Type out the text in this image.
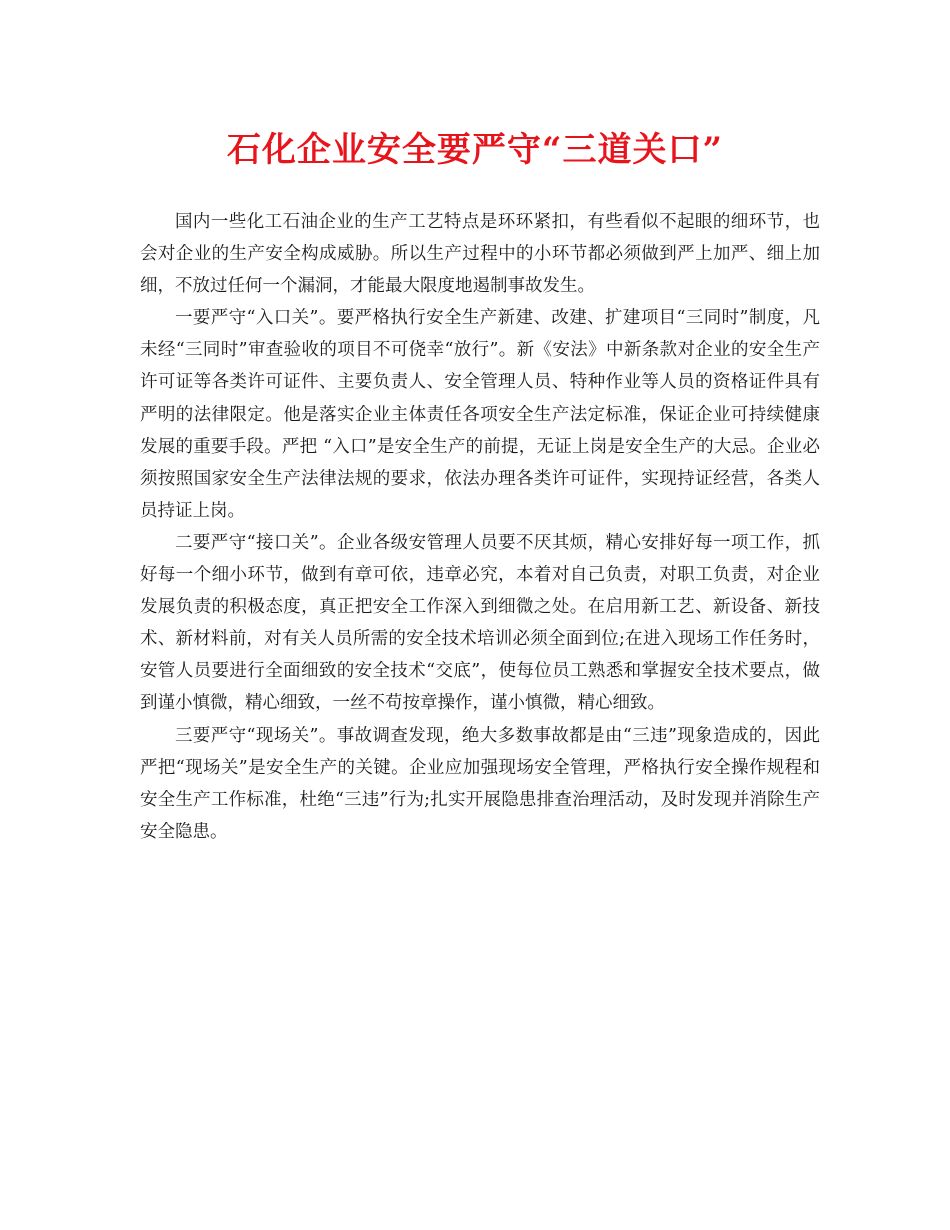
石化企业安全要严守“三道关口”

国内一些化工石油企业的生产工艺特点是环环紧扣，有些看似不起眼的细环节，也会对企业的生产安全构成威胁。所以生产过程中的小环节都必须做到严上加严、细上加细，不放过任何一个漏洞，才能最大限度地遏制事故发生。

一要严守“入口关”。要严格执行安全生产新建、改建、扩建项目“三同时”制度，凡未经“三同时”审查验收的项目不可侥幸“放行”。新《安法》中新条款对企业的安全生产许可证等各类许可证件、主要负责人、安全管理人员、特种作业等人员的资格证件具有严明的法律限定。他是落实企业主体责任各项安全生产法定标准，保证企业可持续健康发展的重要手段。严把 “入口”是安全生产的前提，无证上岗是安全生产的大忌。企业必须按照国家安全生产法律法规的要求，依法办理各类许可证件，实现持证经营，各类人员持证上岗。

二要严守“接口关”。企业各级安管理人员要不厌其烦，精心安排好每一项工作，抓好每一个细小环节，做到有章可依，违章必究，本着对自己负责，对职工负责，对企业发展负责的积极态度，真正把安全工作深入到细微之处。在启用新工艺、新设备、新技术、新材料前，对有关人员所需的安全技术培训必须全面到位;在进入现场工作任务时，安管人员要进行全面细致的安全技术“交底”，使每位员工熟悉和掌握安全技术要点，做到谨小慎微，精心细致，一丝不苟按章操作，谨小慎微，精心细致。

三要严守“现场关”。事故调查发现，绝大多数事故都是由“三违”现象造成的，因此严把“现场关”是安全生产的关键。企业应加强现场安全管理，严格执行安全操作规程和安全生产工作标准，杜绝“三违”行为;扎实开展隐患排查治理活动，及时发现并消除生产安全隐患。
